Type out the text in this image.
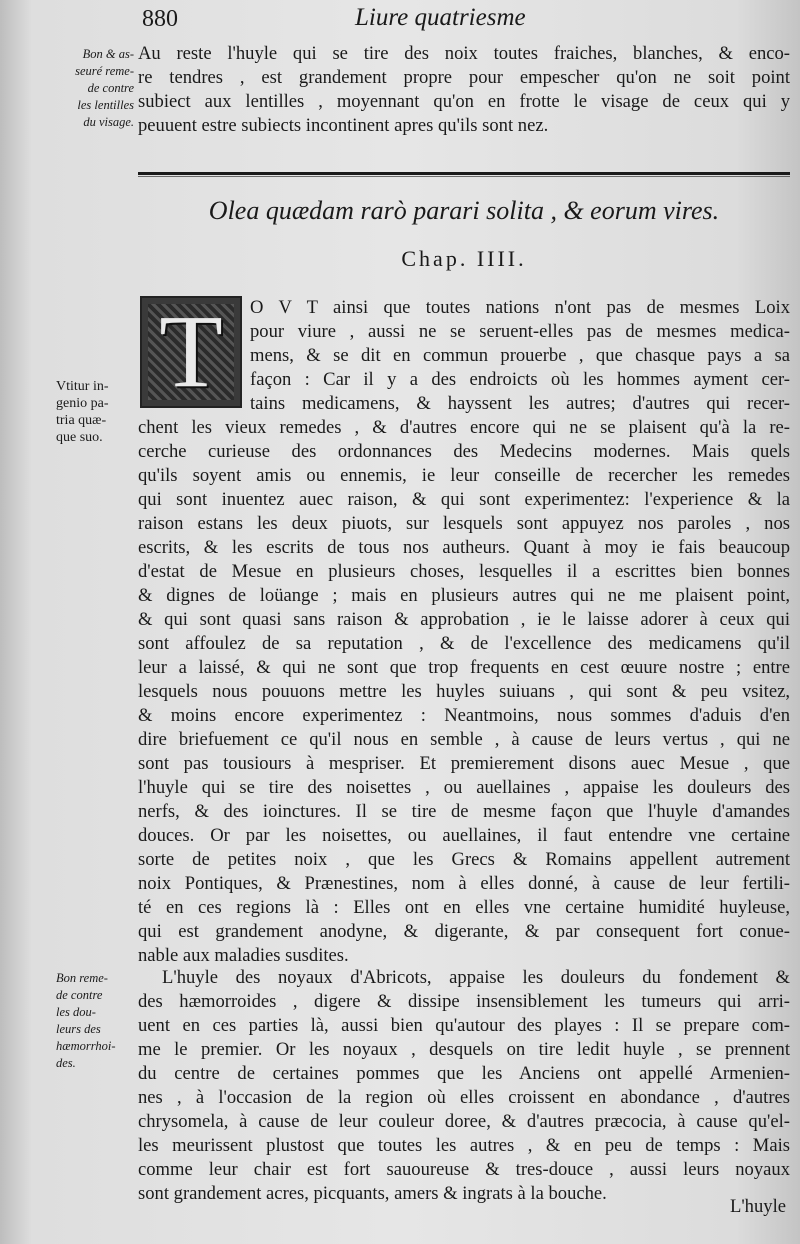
880	Liure quatriesme
Bon & as-
seuré reme-
de contre
les lentilles
du visage.
Au reste l'huyle qui se tire des noix toutes fraiches, blanches, & enco-
re tendres , est grandement propre pour empescher qu'on ne soit point
subiect aux lentilles , moyennant qu'on en frotte le visage de ceux qui y
peuuent estre subiects incontinent apres qu'ils sont nez.
Olea quædam rarò parari solita , & eorum vires.
Chap. IIII.
T
Vtitur in-
genio pa-
tria quæ-
que suo.
O V T ainsi que toutes nations n'ont pas de mesmes Loix
pour viure , aussi ne se seruent-elles pas de mesmes medica-
mens, & se dit en commun prouerbe , que chasque pays a sa
façon : Car il y a des endroicts où les hommes ayment cer-
tains medicamens, & hayssent les autres; d'autres qui recer-
chent les vieux remedes , & d'autres encore qui ne se plaisent qu'à la re-
cerche curieuse des ordonnances des Medecins modernes. Mais quels
qu'ils soyent amis ou ennemis, ie leur conseille de recercher les remedes
qui sont inuentez auec raison, & qui sont experimentez: l'experience & la
raison estans les deux piuots, sur lesquels sont appuyez nos paroles , nos
escrits, & les escrits de tous nos autheurs. Quant à moy ie fais beaucoup
d'estat de Mesue en plusieurs choses, lesquelles il a escrittes bien bonnes
& dignes de loüange ; mais en plusieurs autres qui ne me plaisent point,
& qui sont quasi sans raison & approbation , ie le laisse adorer à ceux qui
sont affoulez de sa reputation , & de l'excellence des medicamens qu'il
leur a laissé, & qui ne sont que trop frequents en cest œuure nostre ; entre
lesquels nous pouuons mettre les huyles suiuans , qui sont & peu vsitez,
& moins encore experimentez : Neantmoins, nous sommes d'aduis d'en
dire briefuement ce qu'il nous en semble , à cause de leurs vertus , qui ne
sont pas tousiours à mespriser. Et premierement disons auec Mesue , que
l'huyle qui se tire des noisettes , ou auellaines , appaise les douleurs des
nerfs, & des ioinctures. Il se tire de mesme façon que l'huyle d'amandes
douces. Or par les noisettes, ou auellaines, il faut entendre vne certaine
sorte de petites noix , que les Grecs & Romains appellent autrement
noix Pontiques, & Prænestines, nom à elles donné, à cause de leur fertili-
té en ces regions là : Elles ont en elles vne certaine humidité huyleuse,
qui est grandement anodyne, & digerante, & par consequent fort conue-
nable aux maladies susdites.
Bon reme-
de contre
les dou-
leurs des
hæmorrhoi-
des.
L'huyle des noyaux d'Abricots, appaise les douleurs du fondement &
des hæmorroides , digere & dissipe insensiblement les tumeurs qui arri-
uent en ces parties là, aussi bien qu'autour des playes : Il se prepare com-
me le premier. Or les noyaux , desquels on tire ledit huyle , se prennent
du centre de certaines pommes que les Anciens ont appellé Armenien-
nes , à l'occasion de la region où elles croissent en abondance , d'autres
chrysomela, à cause de leur couleur doree, & d'autres præcocia, à cause qu'el-
les meurissent plustost que toutes les autres , & en peu de temps : Mais
comme leur chair est fort sauoureuse & tres-douce , aussi leurs noyaux
sont grandement acres, picquants, amers & ingrats à la bouche.
L'huyle
